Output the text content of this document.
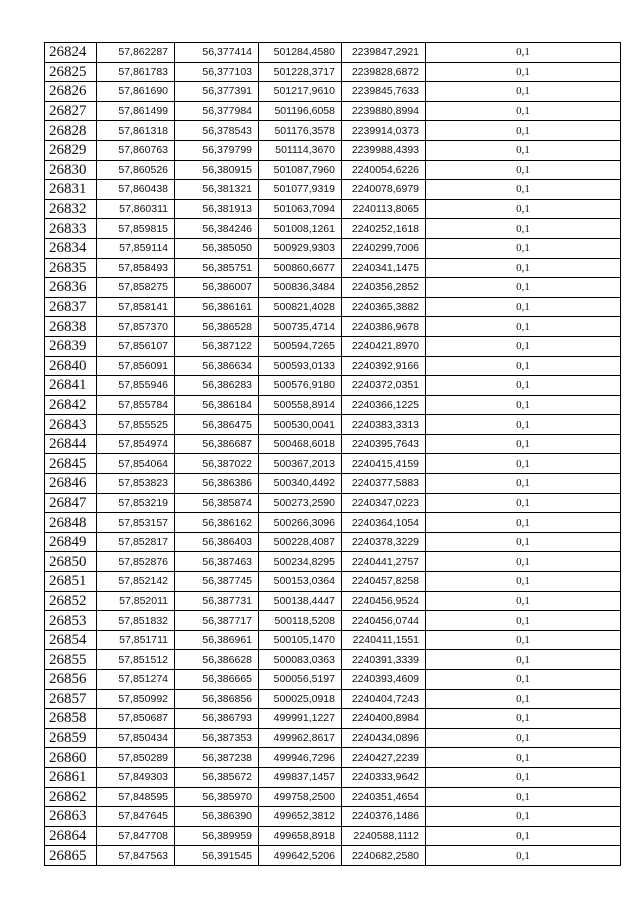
26824	57,862287	56,377414	501284,4580	2239847,2921	0,1
26825	57,861783	56,377103	501228,3717	2239828,6872	0,1
26826	57,861690	56,377391	501217,9610	2239845,7633	0,1
26827	57,861499	56,377984	501196,6058	2239880,8994	0,1
26828	57,861318	56,378543	501176,3578	2239914,0373	0,1
26829	57,860763	56,379799	501114,3670	2239988,4393	0,1
26830	57,860526	56,380915	501087,7960	2240054,6226	0,1
26831	57,860438	56,381321	501077,9319	2240078,6979	0,1
26832	57,860311	56,381913	501063,7094	2240113,8065	0,1
26833	57,859815	56,384246	501008,1261	2240252,1618	0,1
26834	57,859114	56,385050	500929,9303	2240299,7006	0,1
26835	57,858493	56,385751	500860,6677	2240341,1475	0,1
26836	57,858275	56,386007	500836,3484	2240356,2852	0,1
26837	57,858141	56,386161	500821,4028	2240365,3882	0,1
26838	57,857370	56,386528	500735,4714	2240386,9678	0,1
26839	57,856107	56,387122	500594,7265	2240421,8970	0,1
26840	57,856091	56,386634	500593,0133	2240392,9166	0,1
26841	57,855946	56,386283	500576,9180	2240372,0351	0,1
26842	57,855784	56,386184	500558,8914	2240366,1225	0,1
26843	57,855525	56,386475	500530,0041	2240383,3313	0,1
26844	57,854974	56,386687	500468,6018	2240395,7643	0,1
26845	57,854064	56,387022	500367,2013	2240415,4159	0,1
26846	57,853823	56,386386	500340,4492	2240377,5883	0,1
26847	57,853219	56,385874	500273,2590	2240347,0223	0,1
26848	57,853157	56,386162	500266,3096	2240364,1054	0,1
26849	57,852817	56,386403	500228,4087	2240378,3229	0,1
26850	57,852876	56,387463	500234,8295	2240441,2757	0,1
26851	57,852142	56,387745	500153,0364	2240457,8258	0,1
26852	57,852011	56,387731	500138,4447	2240456,9524	0,1
26853	57,851832	56,387717	500118,5208	2240456,0744	0,1
26854	57,851711	56,386961	500105,1470	2240411,1551	0,1
26855	57,851512	56,386628	500083,0363	2240391,3339	0,1
26856	57,851274	56,386665	500056,5197	2240393,4609	0,1
26857	57,850992	56,386856	500025,0918	2240404,7243	0,1
26858	57,850687	56,386793	499991,1227	2240400,8984	0,1
26859	57,850434	56,387353	499962,8617	2240434,0896	0,1
26860	57,850289	56,387238	499946,7296	2240427,2239	0,1
26861	57,849303	56,385672	499837,1457	2240333,9642	0,1
26862	57,848595	56,385970	499758,2500	2240351,4654	0,1
26863	57,847645	56,386390	499652,3812	2240376,1486	0,1
26864	57,847708	56,389959	499658,8918	2240588,1112	0,1
26865	57,847563	56,391545	499642,5206	2240682,2580	0,1
